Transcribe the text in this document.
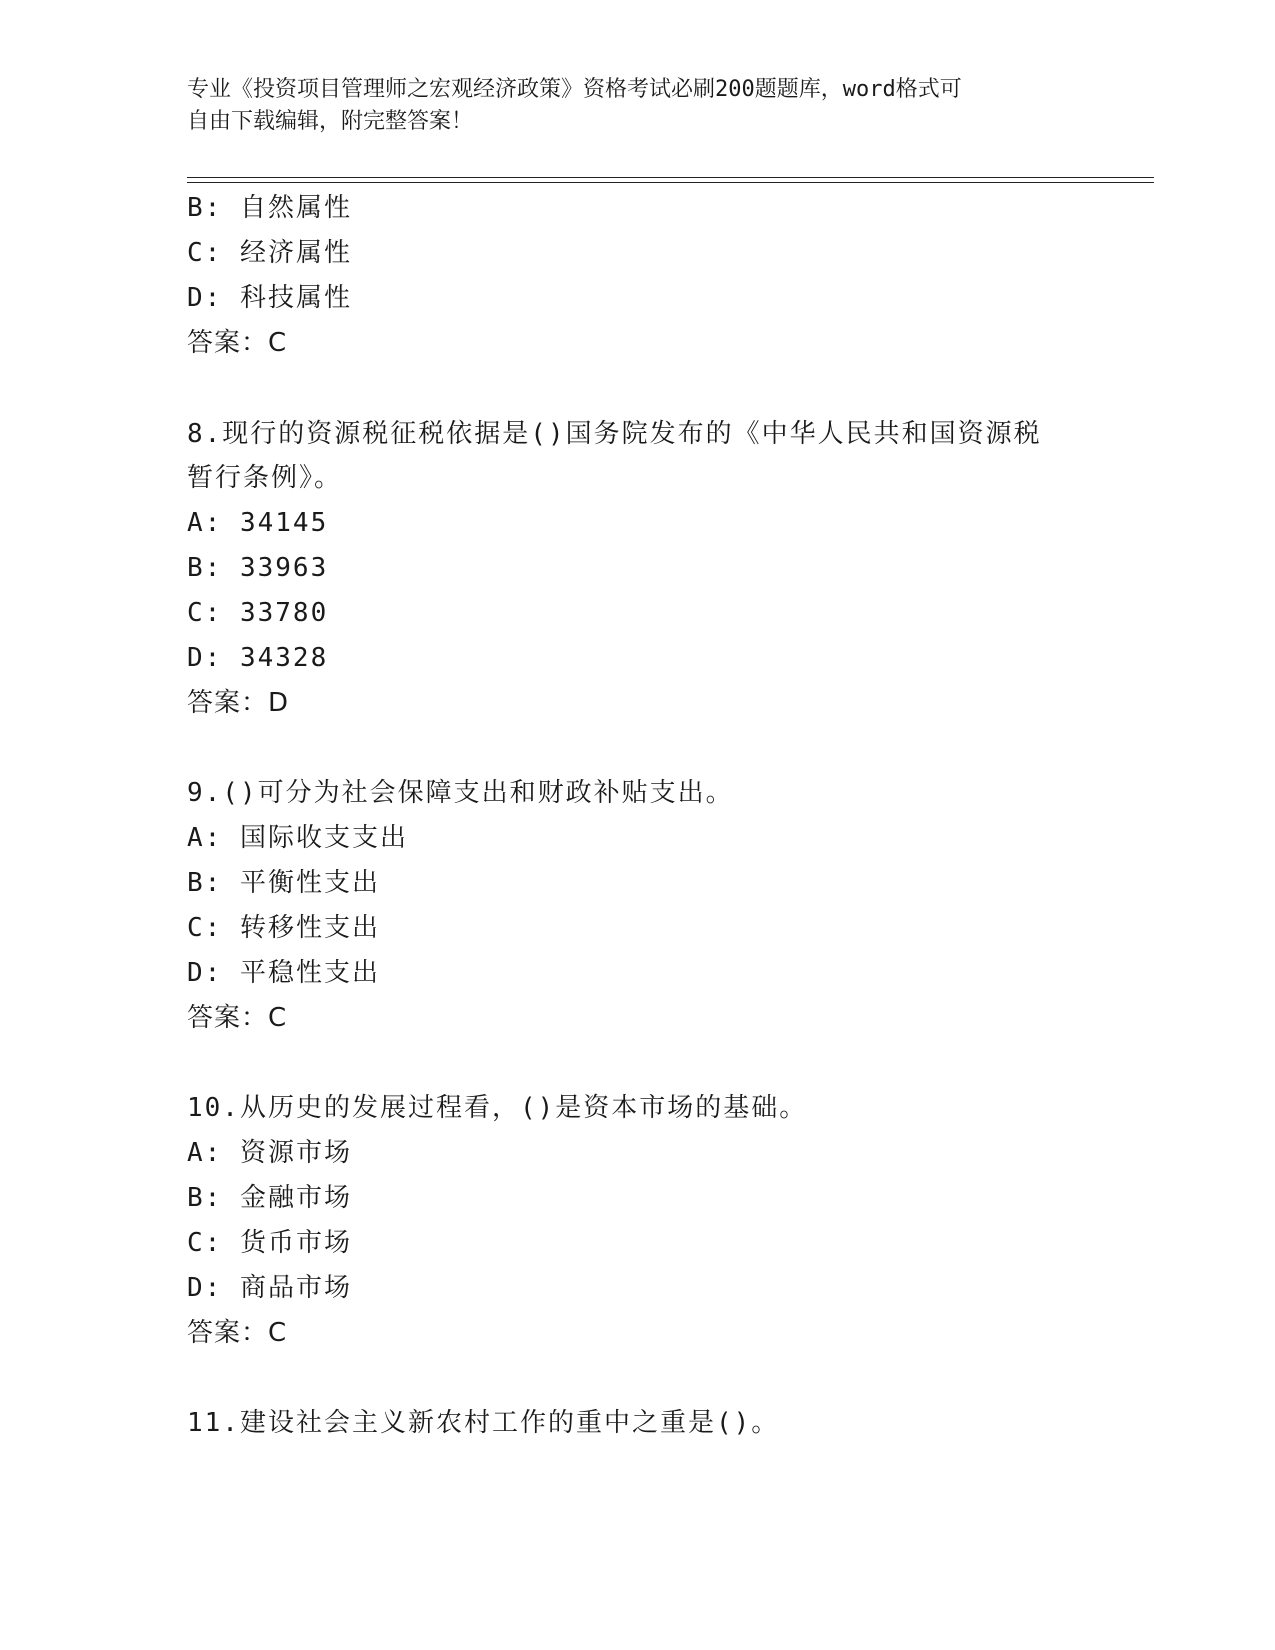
专业《投资项目管理师之宏观经济政策》资格考试必刷200题题库，word格式可
自由下载编辑，附完整答案！
B: 自然属性
C: 经济属性
D: 科技属性
答案：C
8.现行的资源税征税依据是()国务院发布的《中华人民共和国资源税
暂行条例》。
A: 34145
B: 33963
C: 33780
D: 34328
答案：D
9.()可分为社会保障支出和财政补贴支出。
A: 国际收支支出
B: 平衡性支出
C: 转移性支出
D: 平稳性支出
答案：C
10.从历史的发展过程看，()是资本市场的基础。
A: 资源市场
B: 金融市场
C: 货币市场
D: 商品市场
答案：C
11.建设社会主义新农村工作的重中之重是()。
